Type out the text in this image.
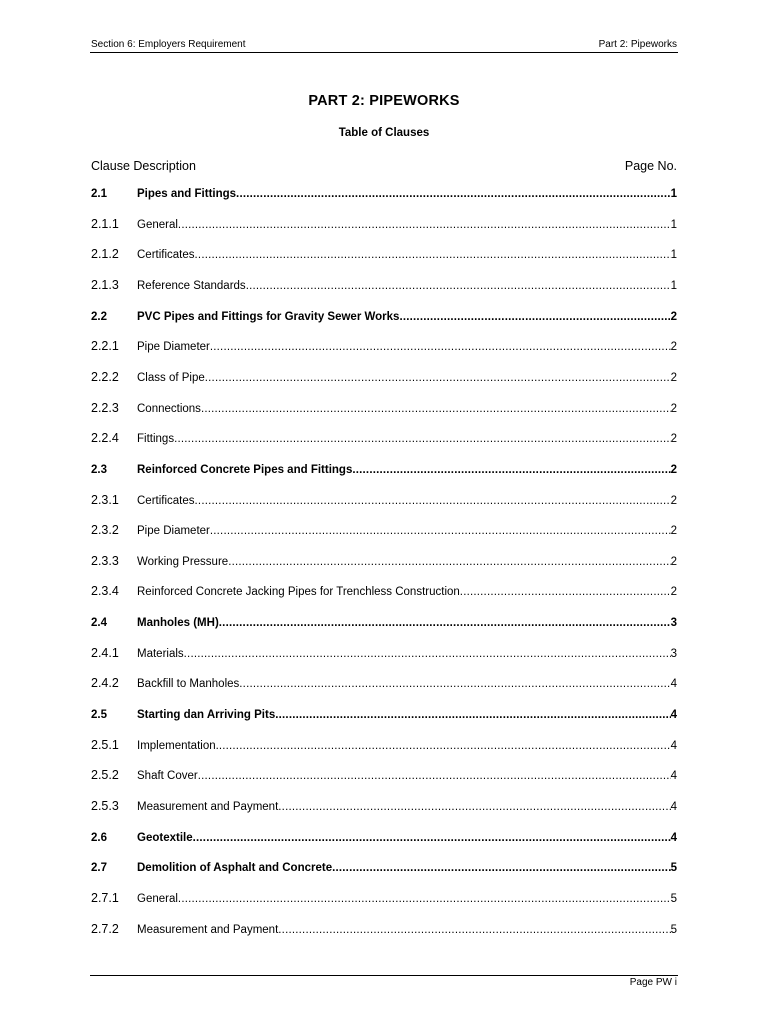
Section 6: Employers Requirement	Part 2: Pipeworks
PART 2: PIPEWORKS
Table of Clauses
Clause Description	Page No.
2.1	Pipes and Fittings .....	1
2.1.1	General .....	1
2.1.2	Certificates .....	1
2.1.3	Reference Standards .....	1
2.2	PVC Pipes and Fittings for Gravity Sewer Works .....	2
2.2.1	Pipe Diameter .....	2
2.2.2	Class of Pipe .....	2
2.2.3	Connections .....	2
2.2.4	Fittings .....	2
2.3	Reinforced Concrete Pipes and Fittings .....	2
2.3.1	Certificates .....	2
2.3.2	Pipe Diameter .....	2
2.3.3	Working Pressure .....	2
2.3.4	Reinforced Concrete Jacking Pipes for Trenchless Construction .....	2
2.4	Manholes (MH) .....	3
2.4.1	Materials .....	3
2.4.2	Backfill to Manholes .....	4
2.5	Starting dan Arriving Pits .....	4
2.5.1	Implementation. .....	4
2.5.2	Shaft Cover .....	4
2.5.3	Measurement and Payment .....	4
2.6	Geotextile .....	4
2.7	Demolition of Asphalt and Concrete .....	5
2.7.1	General .....	5
2.7.2	Measurement and Payment .....	5
Page PW i
